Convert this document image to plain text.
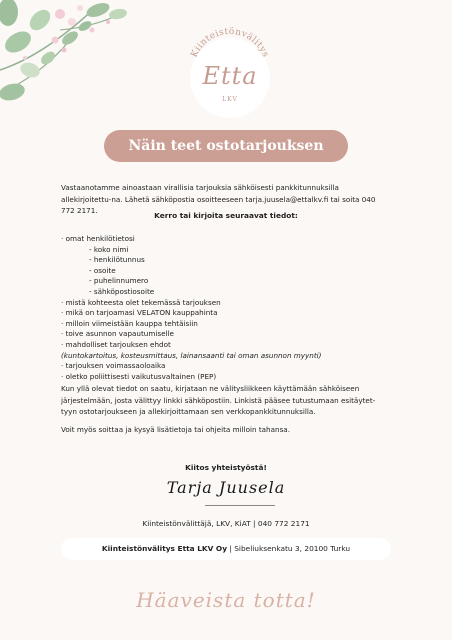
Kiinteistönvälitys
Etta
LKV
Näin teet ostotarjouksen
Vastaanotamme ainoastaan virallisia tarjouksia sähköisesti pankkitunnuksilla allekirjoitettu-na. Lähetä sähköpostia osoitteeseen tarja.juusela@ettalkv.fi tai soita 040 772 2171.
Kerro tai kirjoita seuraavat tiedot:
· omat henkilötietosi
- koko nimi
- henkilötunnus
- osoite
- puhelinnumero
- sähköpostiosoite
· mistä kohteesta olet tekemässä tarjouksen
· mikä on tarjoamasi VELATON kauppahinta
· milloin viimeistään kauppa tehtäisiin
· toive asunnon vapautumiselle
· mahdolliset tarjouksen ehdot
(kuntokartoitus, kosteusmittaus, lainansaanti tai oman asunnon myynti)
· tarjouksen voimassaoloaika
· oletko poliittisesti vaikutusvaltainen (PEP)

Kun yllä olevat tiedot on saatu, kirjataan ne välitysliikkeen käyttämään sähköiseen järjestelmään, josta välittyy linkki sähköpostiin. Linkistä pääsee tutustumaan esitäytet-tyyn ostotarjoukseen ja allekirjoittamaan sen verkkopankkitunnuksilla.

Voit myös soittaa ja kysyä lisätietoja tai ohjeita milloin tahansa.

Kiitos yhteistyöstä!
Tarja Juusela
Kiinteistönvälittäjä, LKV, KiAT | 040 772 2171
Kiinteistönvälitys Etta LKV Oy | Sibeliuksenkatu 3, 20100 Turku
Häaveista totta!
